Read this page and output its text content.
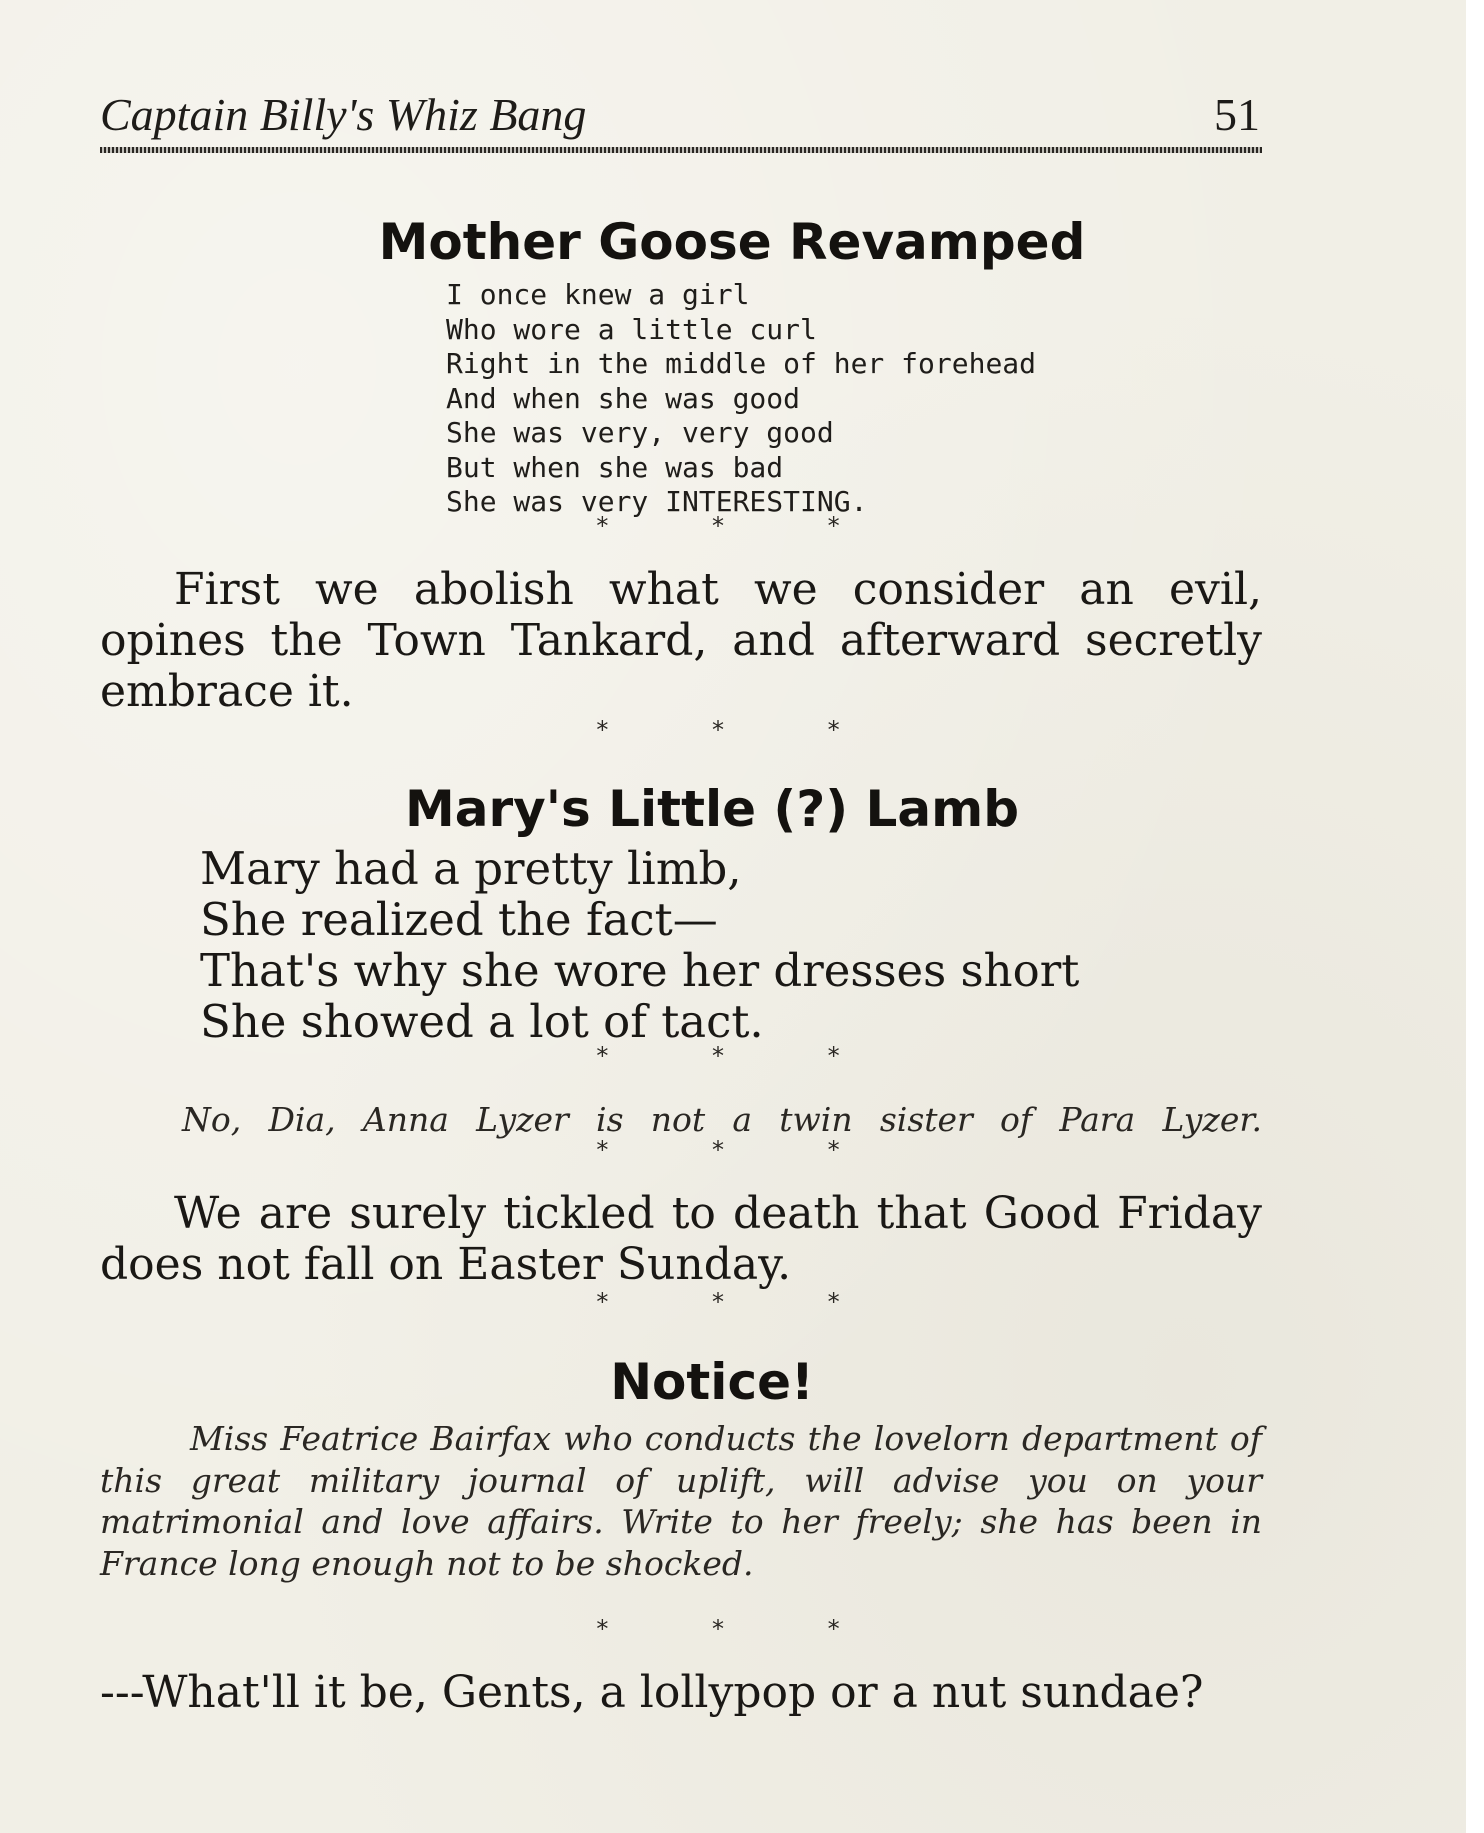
Captain Billy's Whiz Bang	51
Mother Goose Revamped
I once knew a girl
Who wore a little curl
Right in the middle of her forehead
And when she was good
She was very, very good
But when she was bad
She was very INTERESTING.
* * *
First we abolish what we consider an evil, opines the Town Tankard, and afterward secretly embrace it.
* * *
Mary's Little (?) Lamb
Mary had a pretty limb,
She realized the fact—
That's why she wore her dresses short
She showed a lot of tact.
* * *
No, Dia, Anna Lyzer is not a twin sister of Para Lyzer.
* * *
We are surely tickled to death that Good Friday does not fall on Easter Sunday.
* * *
Notice!
Miss Featrice Bairfax who conducts the lovelorn department of this great military journal of uplift, will advise you on your matrimonial and love affairs. Write to her freely; she has been in France long enough not to be shocked.
* * *
---What'll it be, Gents, a lollypop or a nut sundae?
